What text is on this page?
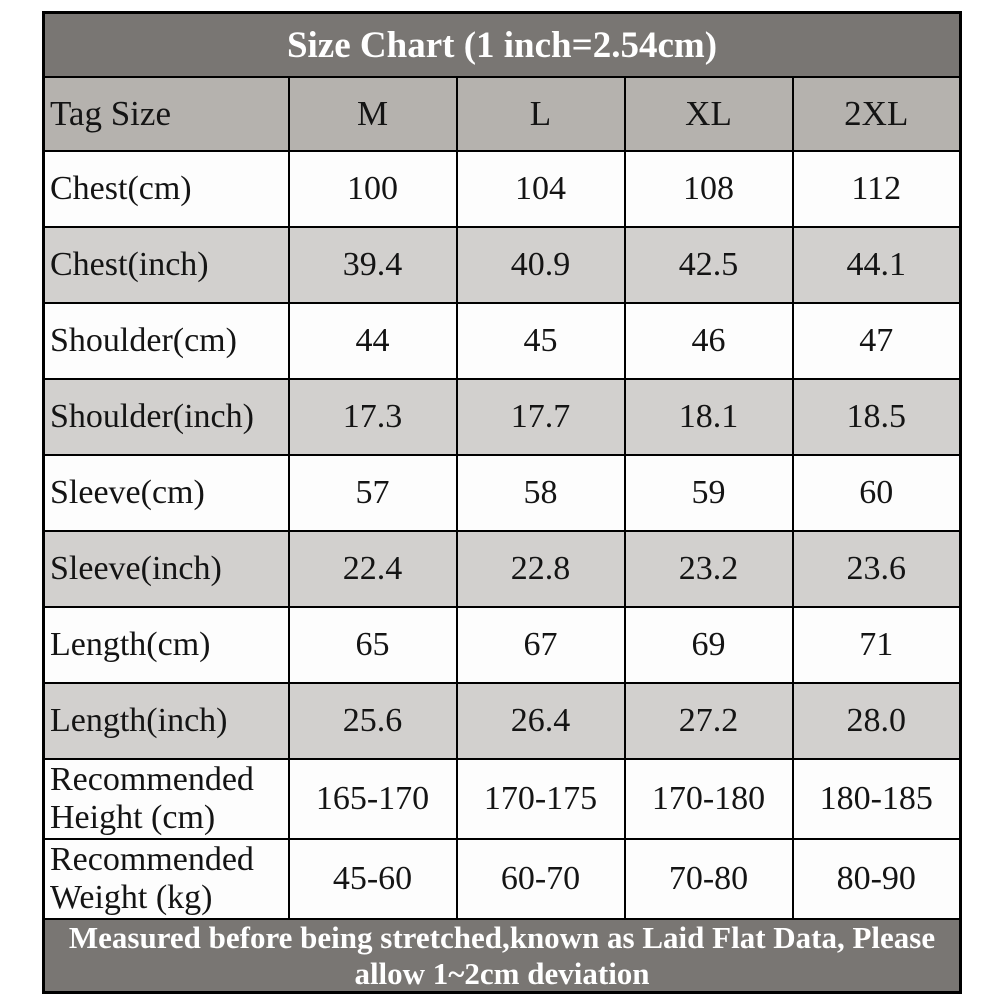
Size Chart (1 inch=2.54cm)				
Tag Size	M	L	XL	2XL
Chest(cm)	100	104	108	112
Chest(inch)	39.4	40.9	42.5	44.1
Shoulder(cm)	44	45	46	47
Shoulder(inch)	17.3	17.7	18.1	18.5
Sleeve(cm)	57	58	59	60
Sleeve(inch)	22.4	22.8	23.2	23.6
Length(cm)	65	67	69	71
Length(inch)	25.6	26.4	27.2	28.0
Recommended Height (cm)	165-170	170-175	170-180	180-185
Recommended Weight (kg)	45-60	60-70	70-80	80-90

Measured before being stretched,known as Laid Flat Data, Please
allow 1~2cm deviation				
